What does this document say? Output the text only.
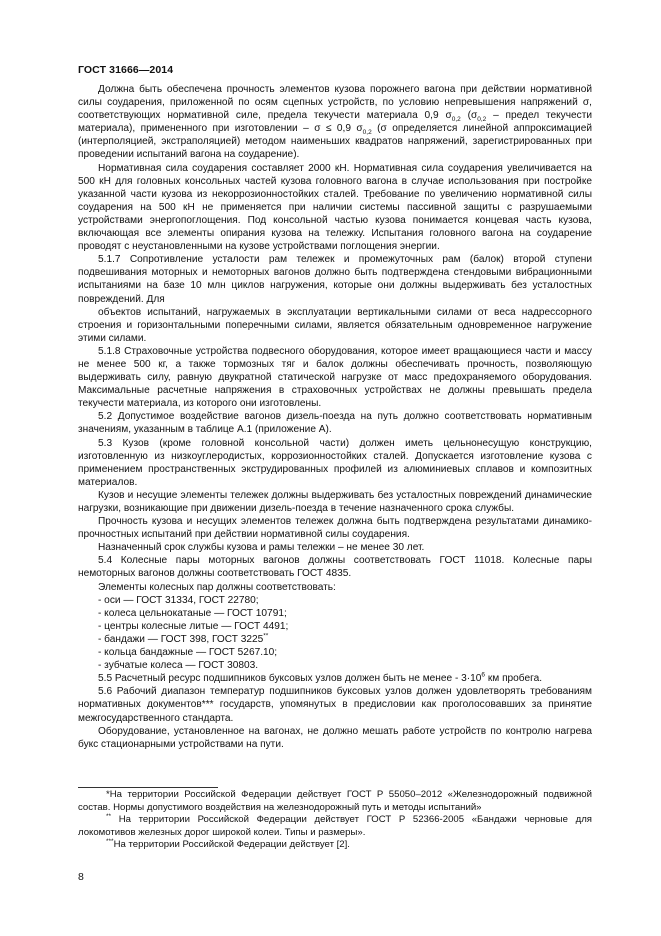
ГОСТ 31666—2014

Должна быть обеспечена прочность элементов кузова порожнего вагона при действии нормативной силы соударения, приложенной по осям сцепных устройств, по условию непревышения напряжений σ, соответствующих нормативной силе, предела текучести материала 0,9 $\sigma_{0,2}$ ($\sigma_{0,2}$ – предел текучести материала), примененного при изготовлении – σ ≤ 0,9 $\sigma_{0,2}$ (σ определяется линейной аппроксимацией (интерполяцией, экстраполяцией) методом наименьших квадратов напряжений, зарегистрированных при проведении испытаний вагона на соударение).

Нормативная сила соударения составляет 2000 кН. Нормативная сила соударения увеличивается на 500 кН для головных консольных частей кузова головного вагона в случае использования при постройке указанной части кузова из некоррозионностойких сталей. Требование по увеличению нормативной силы соударения на 500 кН не применяется при наличии системы пассивной защиты с разрушаемыми устройствами энергопоглощения. Под консольной частью кузова понимается концевая часть кузова, включающая все элементы опирания кузова на тележку. Испытания головного вагона на соударение проводят с неустановленными на кузове устройствами поглощения энергии.

5.1.7 Сопротивление усталости рам тележек и промежуточных рам (балок) второй ступени подвешивания моторных и немоторных вагонов должно быть подтверждена стендовыми вибрационными испытаниями на базе 10 млн циклов нагружения, которые они должны выдерживать без усталостных повреждений. Для

объектов испытаний, нагружаемых в эксплуатации вертикальными силами от веса надрессорного строения и горизонтальными поперечными силами, является обязательным одновременное нагружение этими силами.

5.1.8 Страховочные устройства подвесного оборудования, которое имеет вращающиеся части и массу не менее 500 кг, а также тормозных тяг и балок должны обеспечивать прочность, позволяющую выдерживать силу, равную двукратной статической нагрузке от масс предохраняемого оборудования. Максимальные расчетные напряжения в страховочных устройствах не должны превышать предела текучести материала, из которого они изготовлены.

5.2 Допустимое воздействие вагонов дизель-поезда на путь должно соответствовать нормативным значениям, указанным в таблице А.1 (приложение А).

5.3 Кузов (кроме головной консольной части) должен иметь цельнонесущую конструкцию, изготовленную из низкоуглеродистых, коррозионностойких сталей. Допускается изготовление кузова с применением пространственных экструдированных профилей из алюминиевых сплавов и композитных материалов.

Кузов и несущие элементы тележек должны выдерживать без усталостных повреждений динамические нагрузки, возникающие при движении дизель-поезда в течение назначенного срока службы.

Прочность кузова и несущих элементов тележек должна быть подтверждена результатами динамико-прочностных испытаний при действии нормативной силы соударения.

Назначенный срок службы кузова и рамы тележки – не менее 30 лет.

5.4 Колесные пары моторных вагонов должны соответствовать ГОСТ 11018. Колесные пары немоторных вагонов должны соответствовать ГОСТ 4835.

Элементы колесных пар должны соответствовать:

- оси — ГОСТ 31334, ГОСТ 22780;

- колеса цельнокатаные — ГОСТ 10791;

- центры колесные литые — ГОСТ 4491;

- бандажи — ГОСТ 398, ГОСТ 3225**

- кольца бандажные — ГОСТ 5267.10;

- зубчатые колеса — ГОСТ 30803.

5.5 Расчетный ресурс подшипников буксовых узлов должен быть не менее - $3\cdot 10^6$ км пробега.

5.6 Рабочий диапазон температур подшипников буксовых узлов должен удовлетворять требованиям нормативных документов*** государств, упомянутых в предисловии как проголосовавших за принятие межгосударственного стандарта.

Оборудование, установленное на вагонах, не должно мешать работе устройств по контролю нагрева букс стационарными устройствами на пути.

*На территории Российской Федерации действует ГОСТ Р 55050–2012 «Железнодорожный подвижной состав. Нормы допустимого воздействия на железнодорожный путь и методы испытаний»

** На территории Российской Федерации действует ГОСТ Р 52366-2005 «Бандажи черновые для локомотивов железных дорог широкой колеи. Типы и размеры».

***На территории Российской Федерации действует [2].

8
